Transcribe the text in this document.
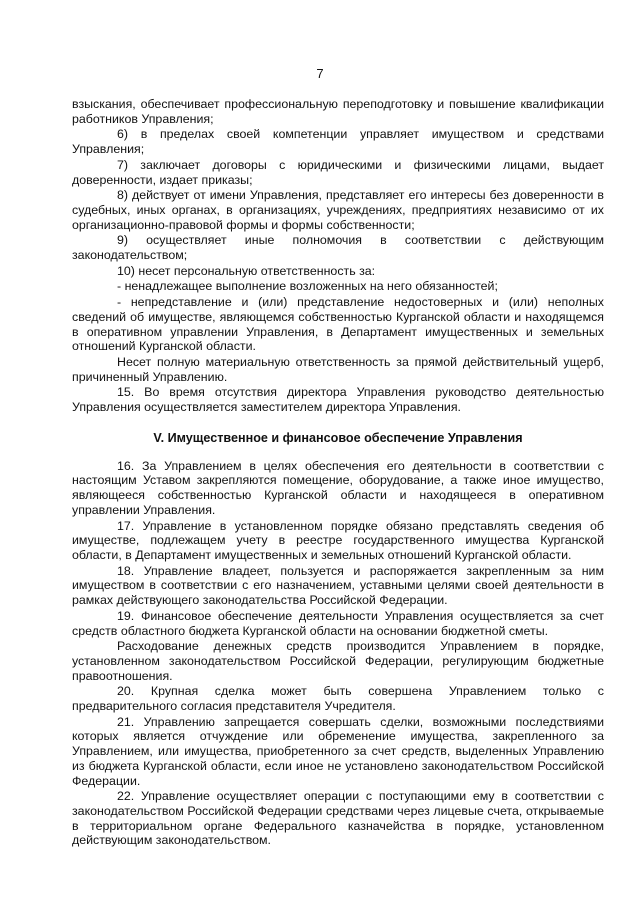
7

взыскания, обеспечивает профессиональную переподготовку и повышение квалификации работников Управления;

6) в пределах своей компетенции управляет имуществом и средствами Управления;

7) заключает договоры с юридическими и физическими лицами, выдает доверенности, издает приказы;

8) действует от имени Управления, представляет его интересы без доверенности в судебных, иных органах, в организациях, учреждениях, предприятиях независимо от их организационно-правовой формы и формы собственности;

9) осуществляет иные полномочия в соответствии с действующим законодательством;

10) несет персональную ответственность за:

- ненадлежащее выполнение возложенных на него обязанностей;

- непредставление и (или) представление недостоверных и (или) неполных сведений об имуществе, являющемся собственностью Курганской области и находящемся в оперативном управлении Управления, в Департамент имущественных и земельных отношений Курганской области.

Несет полную материальную ответственность за прямой действительный ущерб, причиненный Управлению.

15. Во время отсутствия директора Управления руководство деятельностью Управления осуществляется заместителем директора Управления.

V. Имущественное и финансовое обеспечение Управления

16. За Управлением в целях обеспечения его деятельности в соответствии с настоящим Уставом закрепляются помещение, оборудование, а также иное имущество, являющееся собственностью Курганской области и находящееся в оперативном управлении Управления.

17. Управление в установленном порядке обязано представлять сведения об имуществе, подлежащем учету в реестре государственного имущества Курганской области, в Департамент имущественных и земельных отношений Курганской области.

18. Управление владеет, пользуется и распоряжается закрепленным за ним имуществом в соответствии с его назначением, уставными целями своей деятельности в рамках действующего законодательства Российской Федерации.

19. Финансовое обеспечение деятельности Управления осуществляется за счет средств областного бюджета Курганской области на основании бюджетной сметы.

Расходование денежных средств производится Управлением в порядке, установленном законодательством Российской Федерации, регулирующим бюджетные правоотношения.

20. Крупная сделка может быть совершена Управлением только с предварительного согласия представителя Учредителя.

21. Управлению запрещается совершать сделки, возможными последствиями которых является отчуждение или обременение имущества, закрепленного за Управлением, или имущества, приобретенного за счет средств, выделенных Управлению из бюджета Курганской области, если иное не установлено законодательством Российской Федерации.

22. Управление осуществляет операции с поступающими ему в соответствии с законодательством Российской Федерации средствами через лицевые счета, открываемые в территориальном органе Федерального казначейства в порядке, установленном действующим законодательством.
